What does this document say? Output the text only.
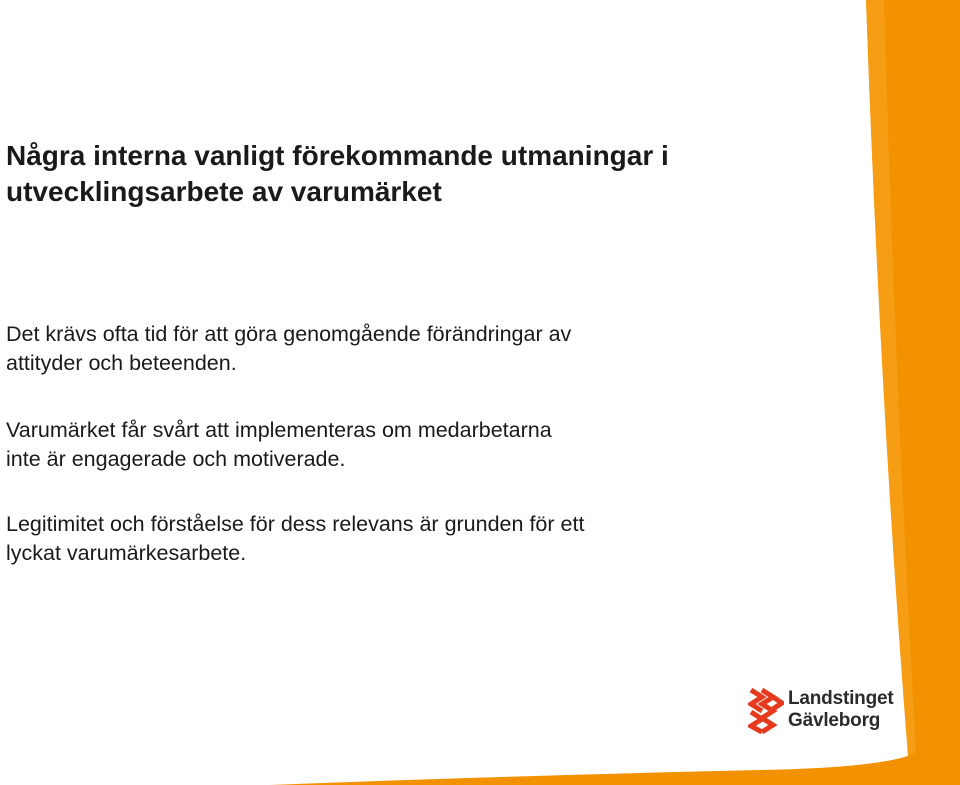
Några interna vanligt förekommande utmaningar i
utvecklingsarbete av varumärket

Det krävs ofta tid för att göra genomgående förändringar av
attityder och beteenden.

Varumärket får svårt att implementeras om medarbetarna
inte är engagerade och motiverade.

Legitimitet och förståelse för dess relevans är grunden för ett
lyckat varumärkesarbete.

Landstinget
Gävleborg
